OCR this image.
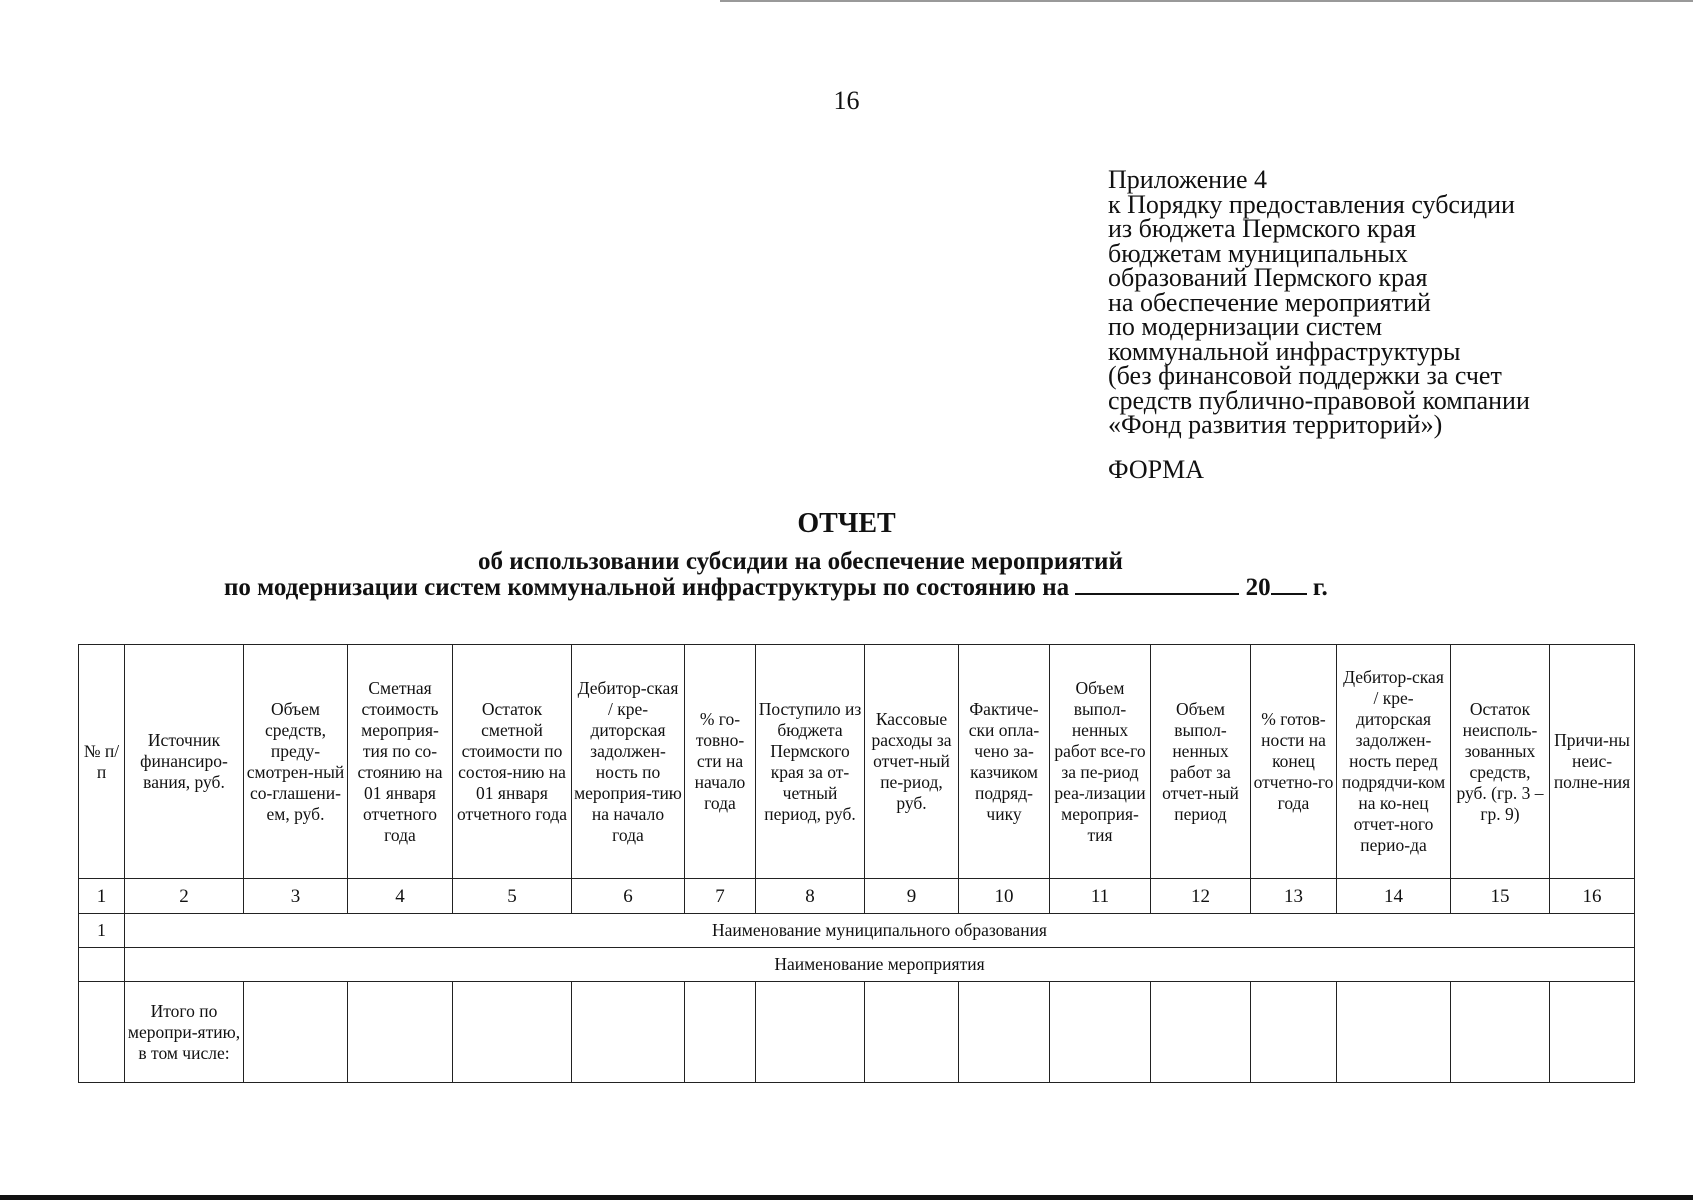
16
Приложение 4
к Порядку предоставления субсидии
из бюджета Пермского края
бюджетам муниципальных
образований Пермского края
на обеспечение мероприятий
по модернизации систем
коммунальной инфраструктуры
(без финансовой поддержки за счет
средств публично-правовой компании
«Фонд развития территорий»)
ФОРМА
ОТЧЕТ
об использовании субсидии на обеспечение мероприятий
по модернизации систем коммунальной инфраструктуры по состоянию на	20 г.
№ п/п	Источник финансиро-вания, руб.	Объем средств, преду-смотрен-ный со-глашени-ем, руб.	Сметная стоимость мероприя-тия по со-стоянию на 01 января отчетного года	Остаток сметной стоимости по состоя-нию на 01 января отчетного года	Дебитор-ская / кре-диторская задолжен-ность по мероприя-тию на начало года	% го-товно-сти на начало года	Поступило из бюджета Пермского края за от-четный период, руб.	Кассовые расходы за отчет-ный пе-риод, руб.	Фактиче-ски опла-чено за-казчиком подряд-чику	Объем выпол-ненных работ все-го за пе-риод реа-лизации мероприя-тия	Объем выпол-ненных работ за отчет-ный период	% готов-ности на конец отчетно-го года	Дебитор-ская / кре-диторская задолжен-ность перед подрядчи-ком на ко-нец отчет-ного перио-да	Остаток неисполь-зованных средств, руб. (гр. 3 – гр. 9)	Причи-ны неис-полне-ния
1	2	3	4	5	6	7	8	9	10	11	12	13	14	15	16
1	Наименование муниципального образования														
	Наименование мероприятия														
	Итого по меропри-ятию, в том числе:														
